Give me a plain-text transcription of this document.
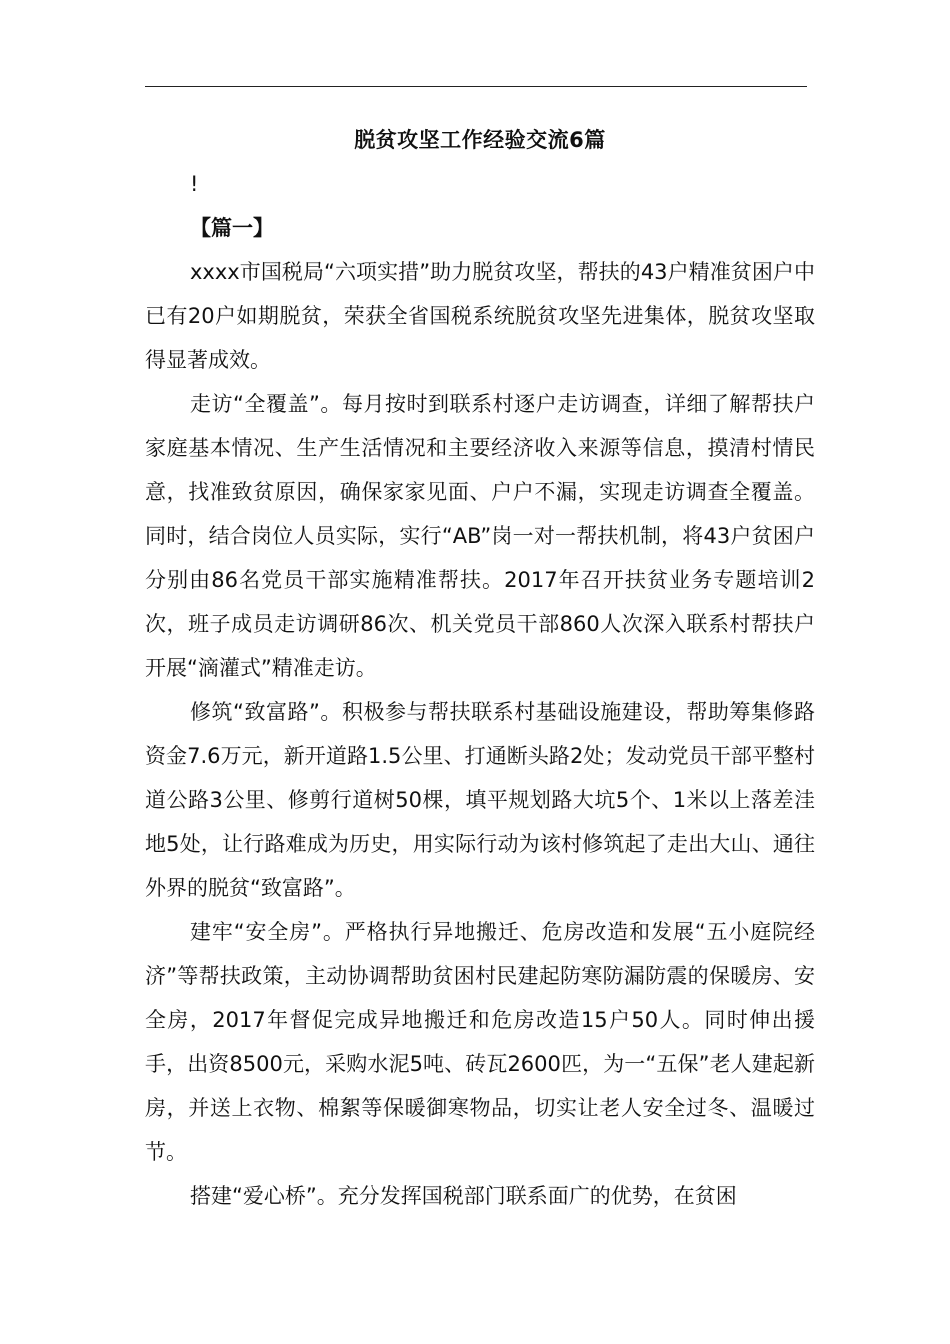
脱贫攻坚工作经验交流6篇

!

【篇一】

xxxx市国税局“六项实措”助力脱贫攻坚，帮扶的43户精准贫困户中已有20户如期脱贫，荣获全省国税系统脱贫攻坚先进集体，脱贫攻坚取得显著成效。

走访“全覆盖”。每月按时到联系村逐户走访调查，详细了解帮扶户家庭基本情况、生产生活情况和主要经济收入来源等信息，摸清村情民意，找准致贫原因，确保家家见面、户户不漏，实现走访调查全覆盖。同时，结合岗位人员实际，实行“AB”岗一对一帮扶机制，将43户贫困户分别由86名党员干部实施精准帮扶。2017年召开扶贫业务专题培训2次，班子成员走访调研86次、机关党员干部860人次深入联系村帮扶户开展“滴灌式”精准走访。

修筑“致富路”。积极参与帮扶联系村基础设施建设，帮助筹集修路资金7.6万元，新开道路1.5公里、打通断头路2处；发动党员干部平整村道公路3公里、修剪行道树50棵，填平规划路大坑5个、1米以上落差洼地5处，让行路难成为历史，用实际行动为该村修筑起了走出大山、通往外界的脱贫“致富路”。

建牢“安全房”。严格执行异地搬迁、危房改造和发展“五小庭院经济”等帮扶政策，主动协调帮助贫困村民建起防寒防漏防震的保暖房、安全房，2017年督促完成异地搬迁和危房改造15户50人。同时伸出援手，出资8500元，采购水泥5吨、砖瓦2600匹，为一“五保”老人建起新房，并送上衣物、棉絮等保暖御寒物品，切实让老人安全过冬、温暖过节。

搭建“爱心桥”。充分发挥国税部门联系面广的优势，在贫困
